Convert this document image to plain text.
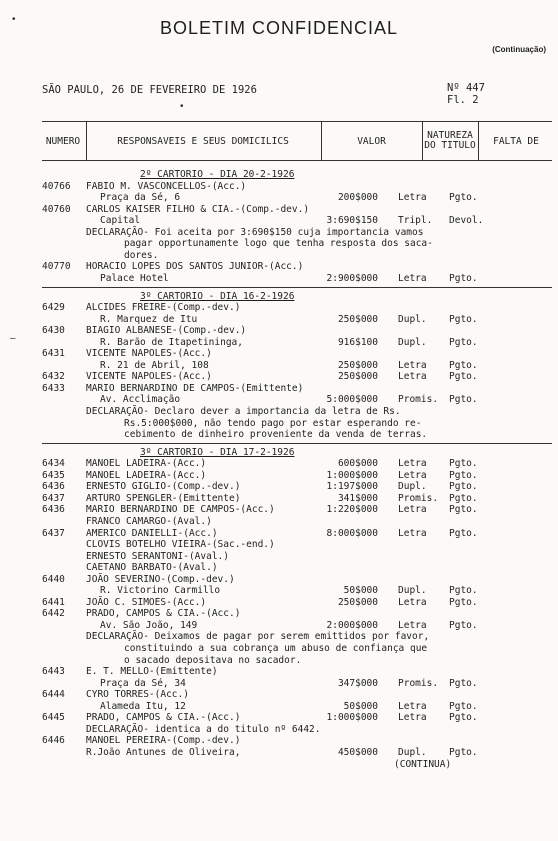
BOLETIM CONFIDENCIAL
(Continuação)
SÃO PAULO, 26 DE FEVEREIRO DE 1926	Nº 447
Fl. 2
NUMERO	RESPONSAVEIS E SEUS DOMICILICS	VALOR	NATUREZA DO TITULO	FALTA DE
2º CARTORIO - DIA 20-2-1926
40766 FABIO M. VASCONCELLOS-(Acc.)
Praça da Sé, 6	200$000 Letra Pgto.
40760 CARLOS KAISER FILHO & CIA.-(Comp.-dev.)
Capital	3:690$150 Tripl. Devol.
DECLARAÇÃO- Foi aceita por 3:690$150 cuja importancia vamos
pagar opportunamente logo que tenha resposta dos saca-
dores.
40770 HORACIO LOPES DOS SANTOS JUNIOR-(Acc.)
Palace Hotel	2:900$000 Letra Pgto.
3º CARTORIO - DIA 16-2-1926
6429 ALCIDES FREIRE-(Comp.-dev.)
R. Marquez de Itu	250$000 Dupl. Pgto.
6430 BIAGIO ALBANESE-(Comp.-dev.)
R. Barão de Itapetininga,	916$100 Dupl. Pgto.
6431 VICENTE NAPOLES-(Acc.)
R. 21 de Abril, 108	250$000 Letra Pgto.
6432 VICENTE NAPOLES-(Acc.)	250$000 Letra Pgto.
6433 MARIO BERNARDINO DE CAMPOS-(Emittente)
Av. Acclimação	5:000$000 Promis. Pgto.
DECLARAÇÃO- Declaro dever a importancia da letra de Rs.
Rs.5:000$000, não tendo pago por estar esperando re-
cebimento de dinheiro proveniente da venda de terras.
3º CARTORIO - DIA 17-2-1926
6434 MANOEL LADEIRA-(Acc.)	600$000 Letra Pgto.
6435 MANOEL LADEIRA-(Acc.)	1:000$000 Letra Pgto.
6436 ERNESTO GIGLIO-(Comp.-dev.)	1:197$000 Dupl. Pgto.
6437 ARTURO SPENGLER-(Emittente)	341$000 Promis. Pgto.
6436 MARIO BERNARDINO DE CAMPOS-(Acc.)	1:220$000 Letra Pgto.
FRANCO CAMARGO-(Aval.)
6437 AMERICO DANIELLI-(Acc.)	8:000$000 Letra Pgto.
CLOVIS BOTELHO VIEIRA-(Sac.-end.)
ERNESTO SERANTONI-(Aval.)
CAETANO BARBATO-(Aval.)
6440 JOÃO SEVERINO-(Comp.-dev.)
R. Victorino Carmillo	50$000 Dupl. Pgto.
6441 JOÃO C. SIMOES-(Acc.)	250$000 Letra Pgto.
6442 PRADO, CAMPOS & CIA.-(Acc.)
Av. São João, 149	2:000$000 Letra Pgto.
DECLARAÇÃO- Deixamos de pagar por serem emittidos por favor,
constituindo a sua cobrança um abuso de confiança que
o sacado depositava no sacador.
6443 E. T. MELLO-(Emittente)
Praça da Sé, 34	347$000 Promis. Pgto.
6444 CYRO TORRES-(Acc.)
Alameda Itu, 12	50$000 Letra Pgto.
6445 PRADO, CAMPOS & CIA.-(Acc.)	1:000$000 Letra Pgto.
DECLARAÇÃO- identica a do titulo nº 6442.
6446 MANOEL PEREIRA-(Comp.-dev.)
R.João Antunes de Oliveira,	450$000 Dupl. Pgto.
(CONTINUA)
•
•
–
